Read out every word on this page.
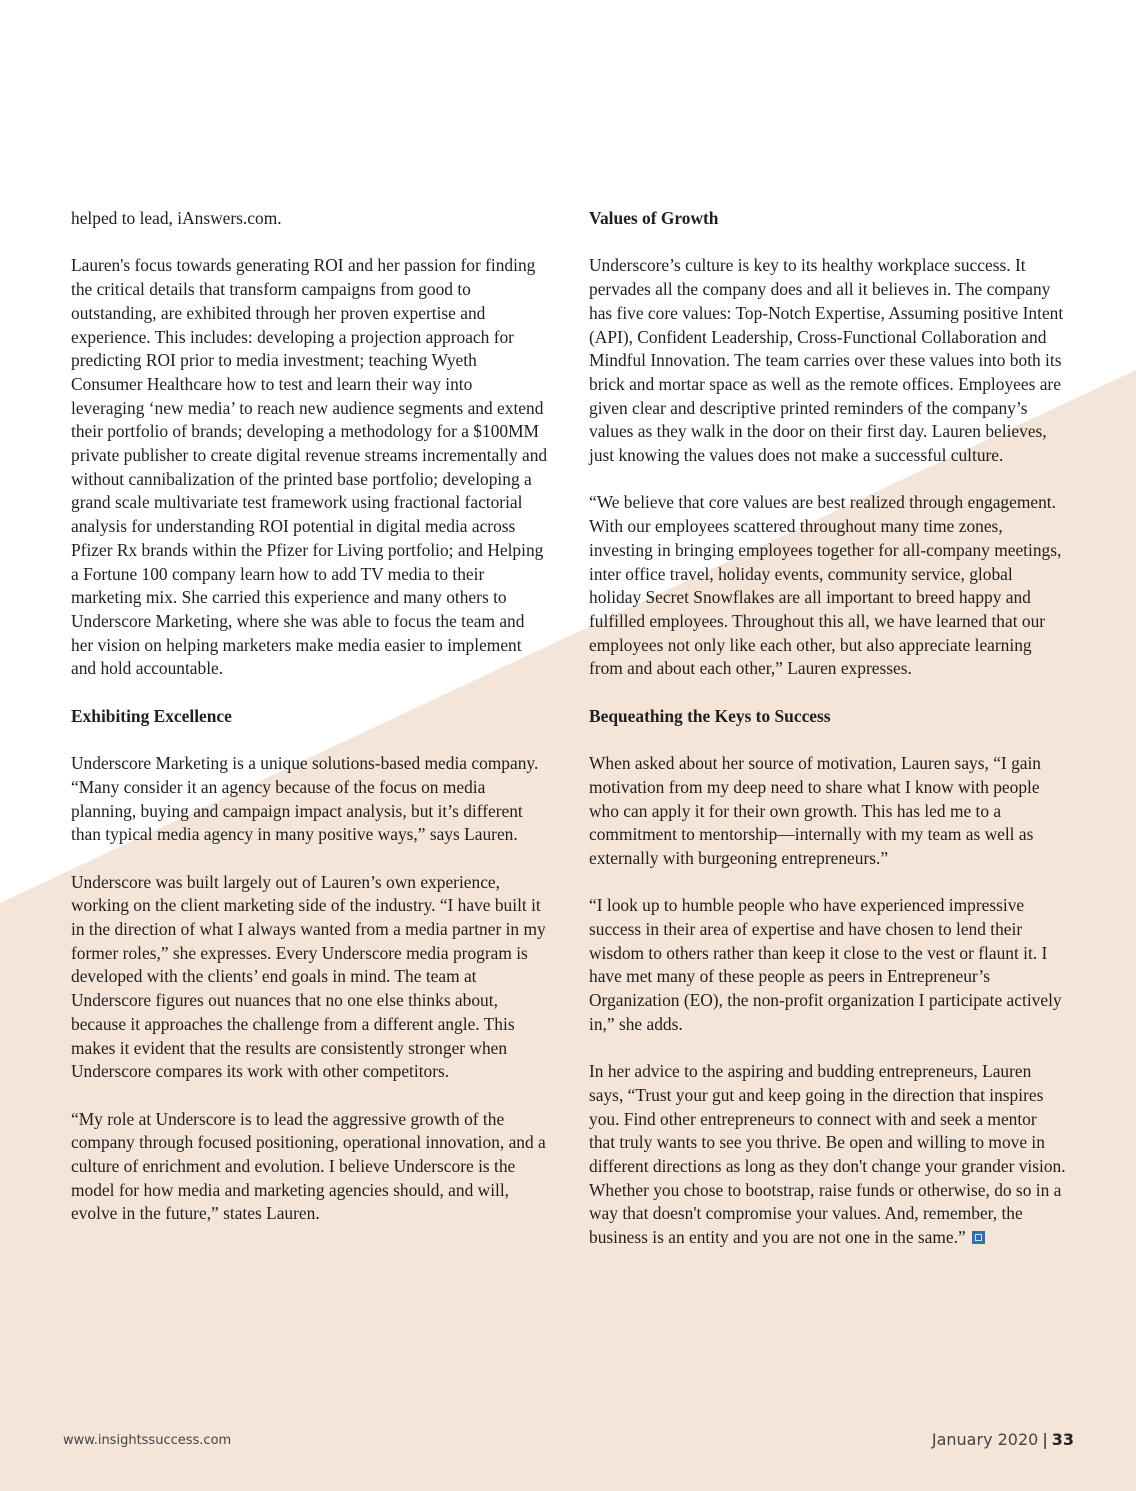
helped to lead, iAnswers.com.

Lauren's focus towards generating ROI and her passion for finding the critical details that transform campaigns from good to outstanding, are exhibited through her proven expertise and experience. This includes: developing a projection approach for predicting ROI prior to media investment; teaching Wyeth Consumer Healthcare how to test and learn their way into leveraging ‘new media’ to reach new audience segments and extend their portfolio of brands; developing a methodology for a $100MM private publisher to create digital revenue streams incrementally and without cannibalization of the printed base portfolio; developing a grand scale multivariate test framework using fractional factorial analysis for understanding ROI potential in digital media across Pfizer Rx brands within the Pfizer for Living portfolio; and Helping a Fortune 100 company learn how to add TV media to their marketing mix. She carried this experience and many others to Underscore Marketing, where she was able to focus the team and her vision on helping marketers make media easier to implement and hold accountable.

Exhibiting Excellence

Underscore Marketing is a unique solutions-based media company. “Many consider it an agency because of the focus on media planning, buying and campaign impact analysis, but it’s different than typical media agency in many positive ways,” says Lauren.

Underscore was built largely out of Lauren’s own experience, working on the client marketing side of the industry. “I have built it in the direction of what I always wanted from a media partner in my former roles,” she expresses. Every Underscore media program is developed with the clients’ end goals in mind. The team at Underscore figures out nuances that no one else thinks about, because it approaches the challenge from a different angle. This makes it evident that the results are consistently stronger when Underscore compares its work with other competitors.

“My role at Underscore is to lead the aggressive growth of the company through focused positioning, operational innovation, and a culture of enrichment and evolution. I believe Underscore is the model for how media and marketing agencies should, and will, evolve in the future,” states Lauren.

Values of Growth

Underscore’s culture is key to its healthy workplace success. It pervades all the company does and all it believes in. The company has five core values: Top-Notch Expertise, Assuming positive Intent (API), Confident Leadership, Cross-Functional Collaboration and Mindful Innovation. The team carries over these values into both its brick and mortar space as well as the remote offices. Employees are given clear and descriptive printed reminders of the company’s values as they walk in the door on their first day. Lauren believes, just knowing the values does not make a successful culture.

“We believe that core values are best realized through engagement. With our employees scattered throughout many time zones, investing in bringing employees together for all-company meetings, inter office travel, holiday events, community service, global holiday Secret Snowflakes are all important to breed happy and fulfilled employees. Throughout this all, we have learned that our employees not only like each other, but also appreciate learning from and about each other,” Lauren expresses.

Bequeathing the Keys to Success

When asked about her source of motivation, Lauren says, “I gain motivation from my deep need to share what I know with people who can apply it for their own growth. This has led me to a commitment to mentorship—internally with my team as well as externally with burgeoning entrepreneurs.”

“I look up to humble people who have experienced impressive success in their area of expertise and have chosen to lend their wisdom to others rather than keep it close to the vest or flaunt it. I have met many of these people as peers in Entrepreneur’s Organization (EO), the non-profit organization I participate actively in,” she adds.

In her advice to the aspiring and budding entrepreneurs, Lauren says, “Trust your gut and keep going in the direction that inspires you. Find other entrepreneurs to connect with and seek a mentor that truly wants to see you thrive. Be open and willing to move in different directions as long as they don't change your grander vision. Whether you chose to bootstrap, raise funds or otherwise, do so in a way that doesn't compromise your values. And, remember, the business is an entity and you are not one in the same.”

www.insightssuccess.com	January 2020 | 33
